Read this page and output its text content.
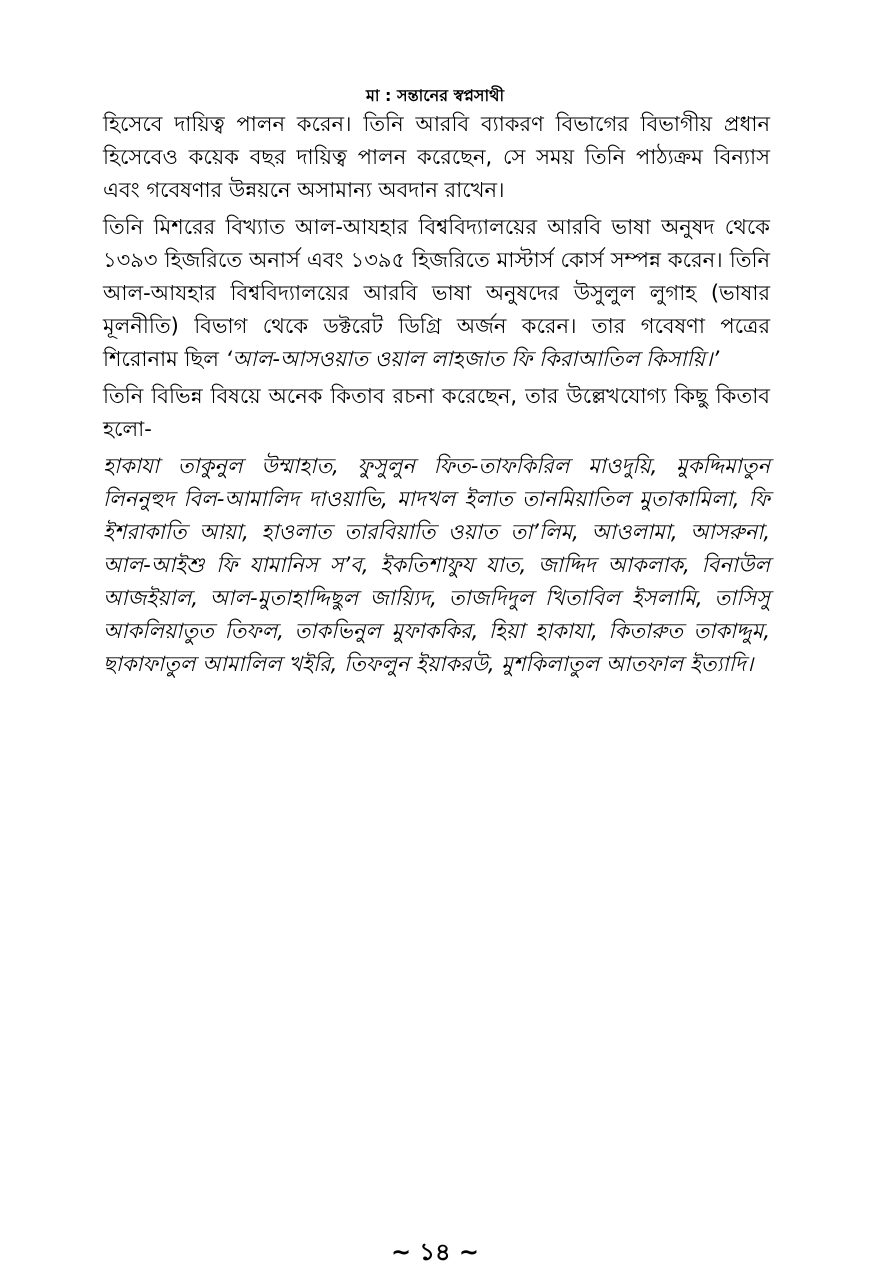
মা : সন্তানের স্বপ্নসাথী

হিসেবে দায়িত্ব পালন করেন। তিনি আরবি ব্যাকরণ বিভাগের বিভাগীয় প্রধান হিসেবেও কয়েক বছর দায়িত্ব পালন করেছেন, সে সময় তিনি পাঠ্যক্রম বিন্যাস এবং গবেষণার উন্নয়নে অসামান্য অবদান রাখেন।

তিনি মিশরের বিখ্যাত আল-আযহার বিশ্ববিদ্যালয়ের আরবি ভাষা অনুষদ থেকে ১৩৯৩ হিজরিতে অনার্স এবং ১৩৯৫ হিজরিতে মাস্টার্স কোর্স সম্পন্ন করেন। তিনি আল-আযহার বিশ্ববিদ্যালয়ের আরবি ভাষা অনুষদের উসুলুল লুগাহ (ভাষার মূলনীতি) বিভাগ থেকে ডক্টরেট ডিগ্রি অর্জন করেন। তার গবেষণা পত্রের শিরোনাম ছিল ‘আল-আসওয়াত ওয়াল লাহজাত ফি কিরাআতিল কিসায়ি।’

তিনি বিভিন্ন বিষয়ে অনেক কিতাব রচনা করেছেন, তার উল্লেখযোগ্য কিছু কিতাব হলো-

হাকাযা তাকুনুল উম্মাহাত, ফুসুলুন ফিত-তাফকিরিল মাওদুয়ি, মুকদ্দিমাতুন লিননুহুদ বিল-আমালিদ দাওয়াভি, মাদখল ইলাত তানমিয়াতিল মুতাকামিলা, ফি ইশরাকাতি আয়া, হাওলাত তারবিয়াতি ওয়াত তা’লিম, আওলামা, আসরুনা, আল-আইশু ফি যামানিস স’ব, ইকতিশাফুয যাত, জাদ্দিদ আকলাক, বিনাউল আজইয়াল, আল-মুতাহাদ্দিছুল জায়্যিদ, তাজদিদুল খিতাবিল ইসলামি, তাসিসু আকলিয়াতুত তিফল, তাকভিনুল মুফাককির, হিয়া হাকাযা, কিতারুত তাকাদ্দুম, ছাকাফাতুল আমালিল খইরি, তিফলুন ইয়াকরউ, মুশকিলাতুল আতফাল ইত্যাদি।

~ ১৪ ~
